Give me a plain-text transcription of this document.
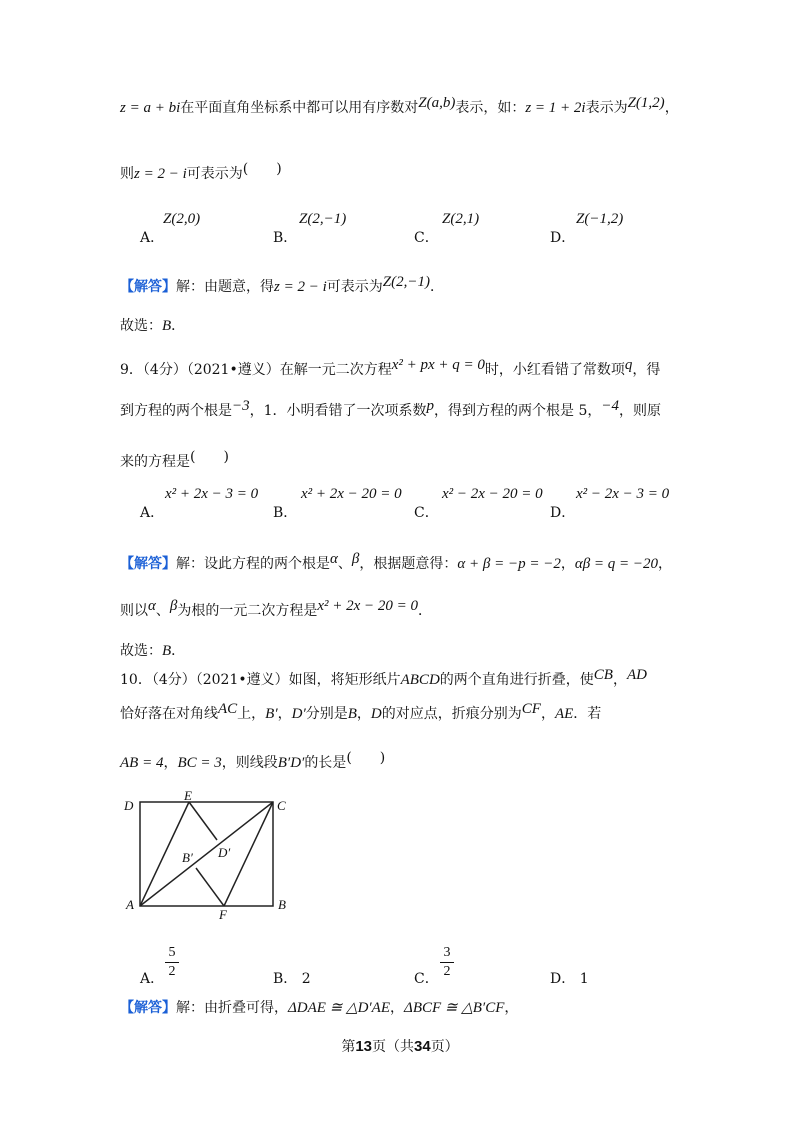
z = a + bi在平面直角坐标系中都可以用有序数对Z(a,b)表示，如：z = 1 + 2i表示为Z(1,2)，
则z = 2 − i可表示为(　　)
Z(2,0)
A．
Z(2,−1)
B．
Z(2,1)
C．
Z(−1,2)
D．
【解答】解：由题意，得z = 2 − i可表示为Z(2,−1)．
故选：B．
9．（4分）（2021•遵义）在解一元二次方程x² + px + q = 0时，小红看错了常数项q，得
到方程的两个根是−3，1．小明看错了一次项系数p，得到方程的两个根是 5，−4，则原
来的方程是(　　)
x² + 2x − 3 = 0
A．
x² + 2x − 20 = 0
B．
x² − 2x − 20 = 0
C．
x² − 2x − 3 = 0
D．
【解答】解：设此方程的两个根是α、β，根据题意得：α + β = −p = −2，αβ = q = −20，
则以α、β为根的一元二次方程是x² + 2x − 20 = 0．
故选：B．
10．（4分）（2021•遵义）如图，将矩形纸片ABCD的两个直角进行折叠，使CB，AD
恰好落在对角线AC上，B′，D′分别是B，D的对应点，折痕分别为CF，AE．若
AB = 4，BC = 3，则线段B′D′的长是(　　)
D
E
C
B′ D′
A
F
B
5
2
A．	B． 2
3
2
C．	D． 1
【解答】解：由折叠可得，ΔDAE ≅ △D′AE，ΔBCF ≅ △B′CF，
第13页（共34页）
